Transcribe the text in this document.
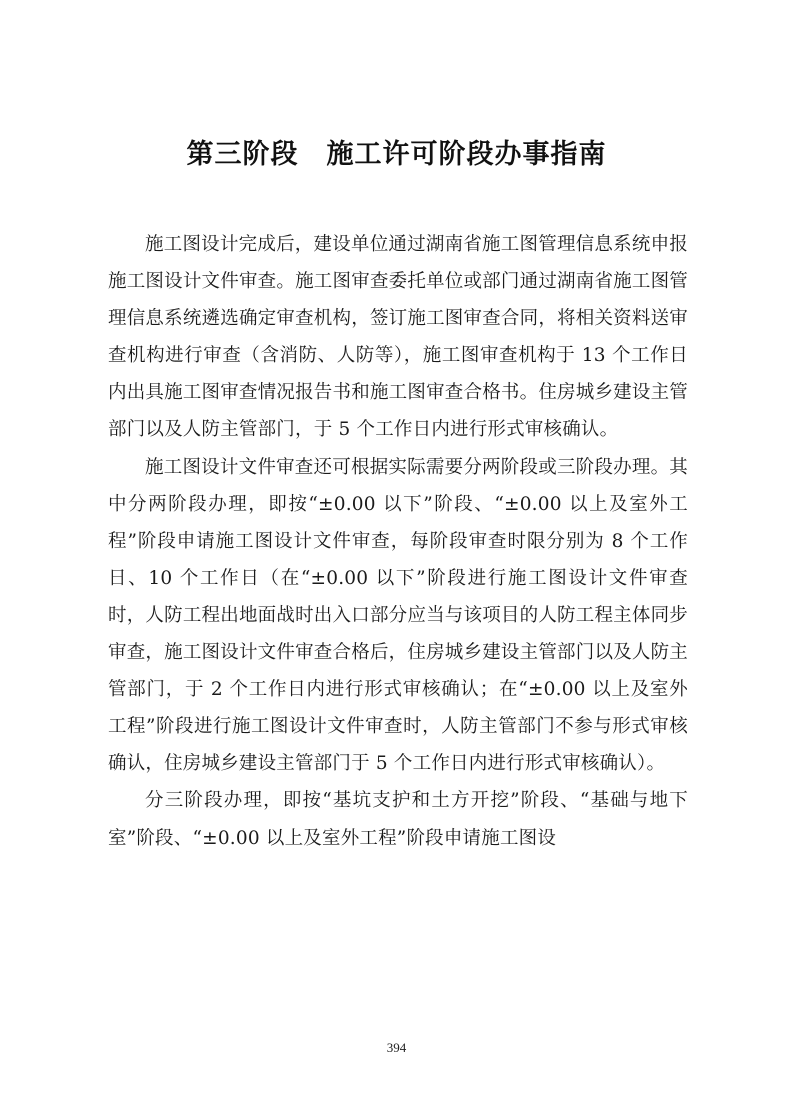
第三阶段　施工许可阶段办事指南

施工图设计完成后，建设单位通过湖南省施工图管理信息系统申报施工图设计文件审查。施工图审查委托单位或部门通过湖南省施工图管理信息系统遴选确定审查机构，签订施工图审查合同，将相关资料送审查机构进行审查（含消防、人防等），施工图审查机构于 13 个工作日内出具施工图审查情况报告书和施工图审查合格书。住房城乡建设主管部门以及人防主管部门，于 5 个工作日内进行形式审核确认。

施工图设计文件审查还可根据实际需要分两阶段或三阶段办理。其中分两阶段办理，即按“±0.00 以下”阶段、“±0.00 以上及室外工程”阶段申请施工图设计文件审查，每阶段审查时限分别为 8 个工作日、10 个工作日（在“±0.00 以下”阶段进行施工图设计文件审查时，人防工程出地面战时出入口部分应当与该项目的人防工程主体同步审查，施工图设计文件审查合格后，住房城乡建设主管部门以及人防主管部门，于 2 个工作日内进行形式审核确认；在“±0.00 以上及室外工程”阶段进行施工图设计文件审查时，人防主管部门不参与形式审核确认，住房城乡建设主管部门于 5 个工作日内进行形式审核确认）。

分三阶段办理，即按“基坑支护和土方开挖”阶段、“基础与地下室”阶段、“±0.00 以上及室外工程”阶段申请施工图设

394
